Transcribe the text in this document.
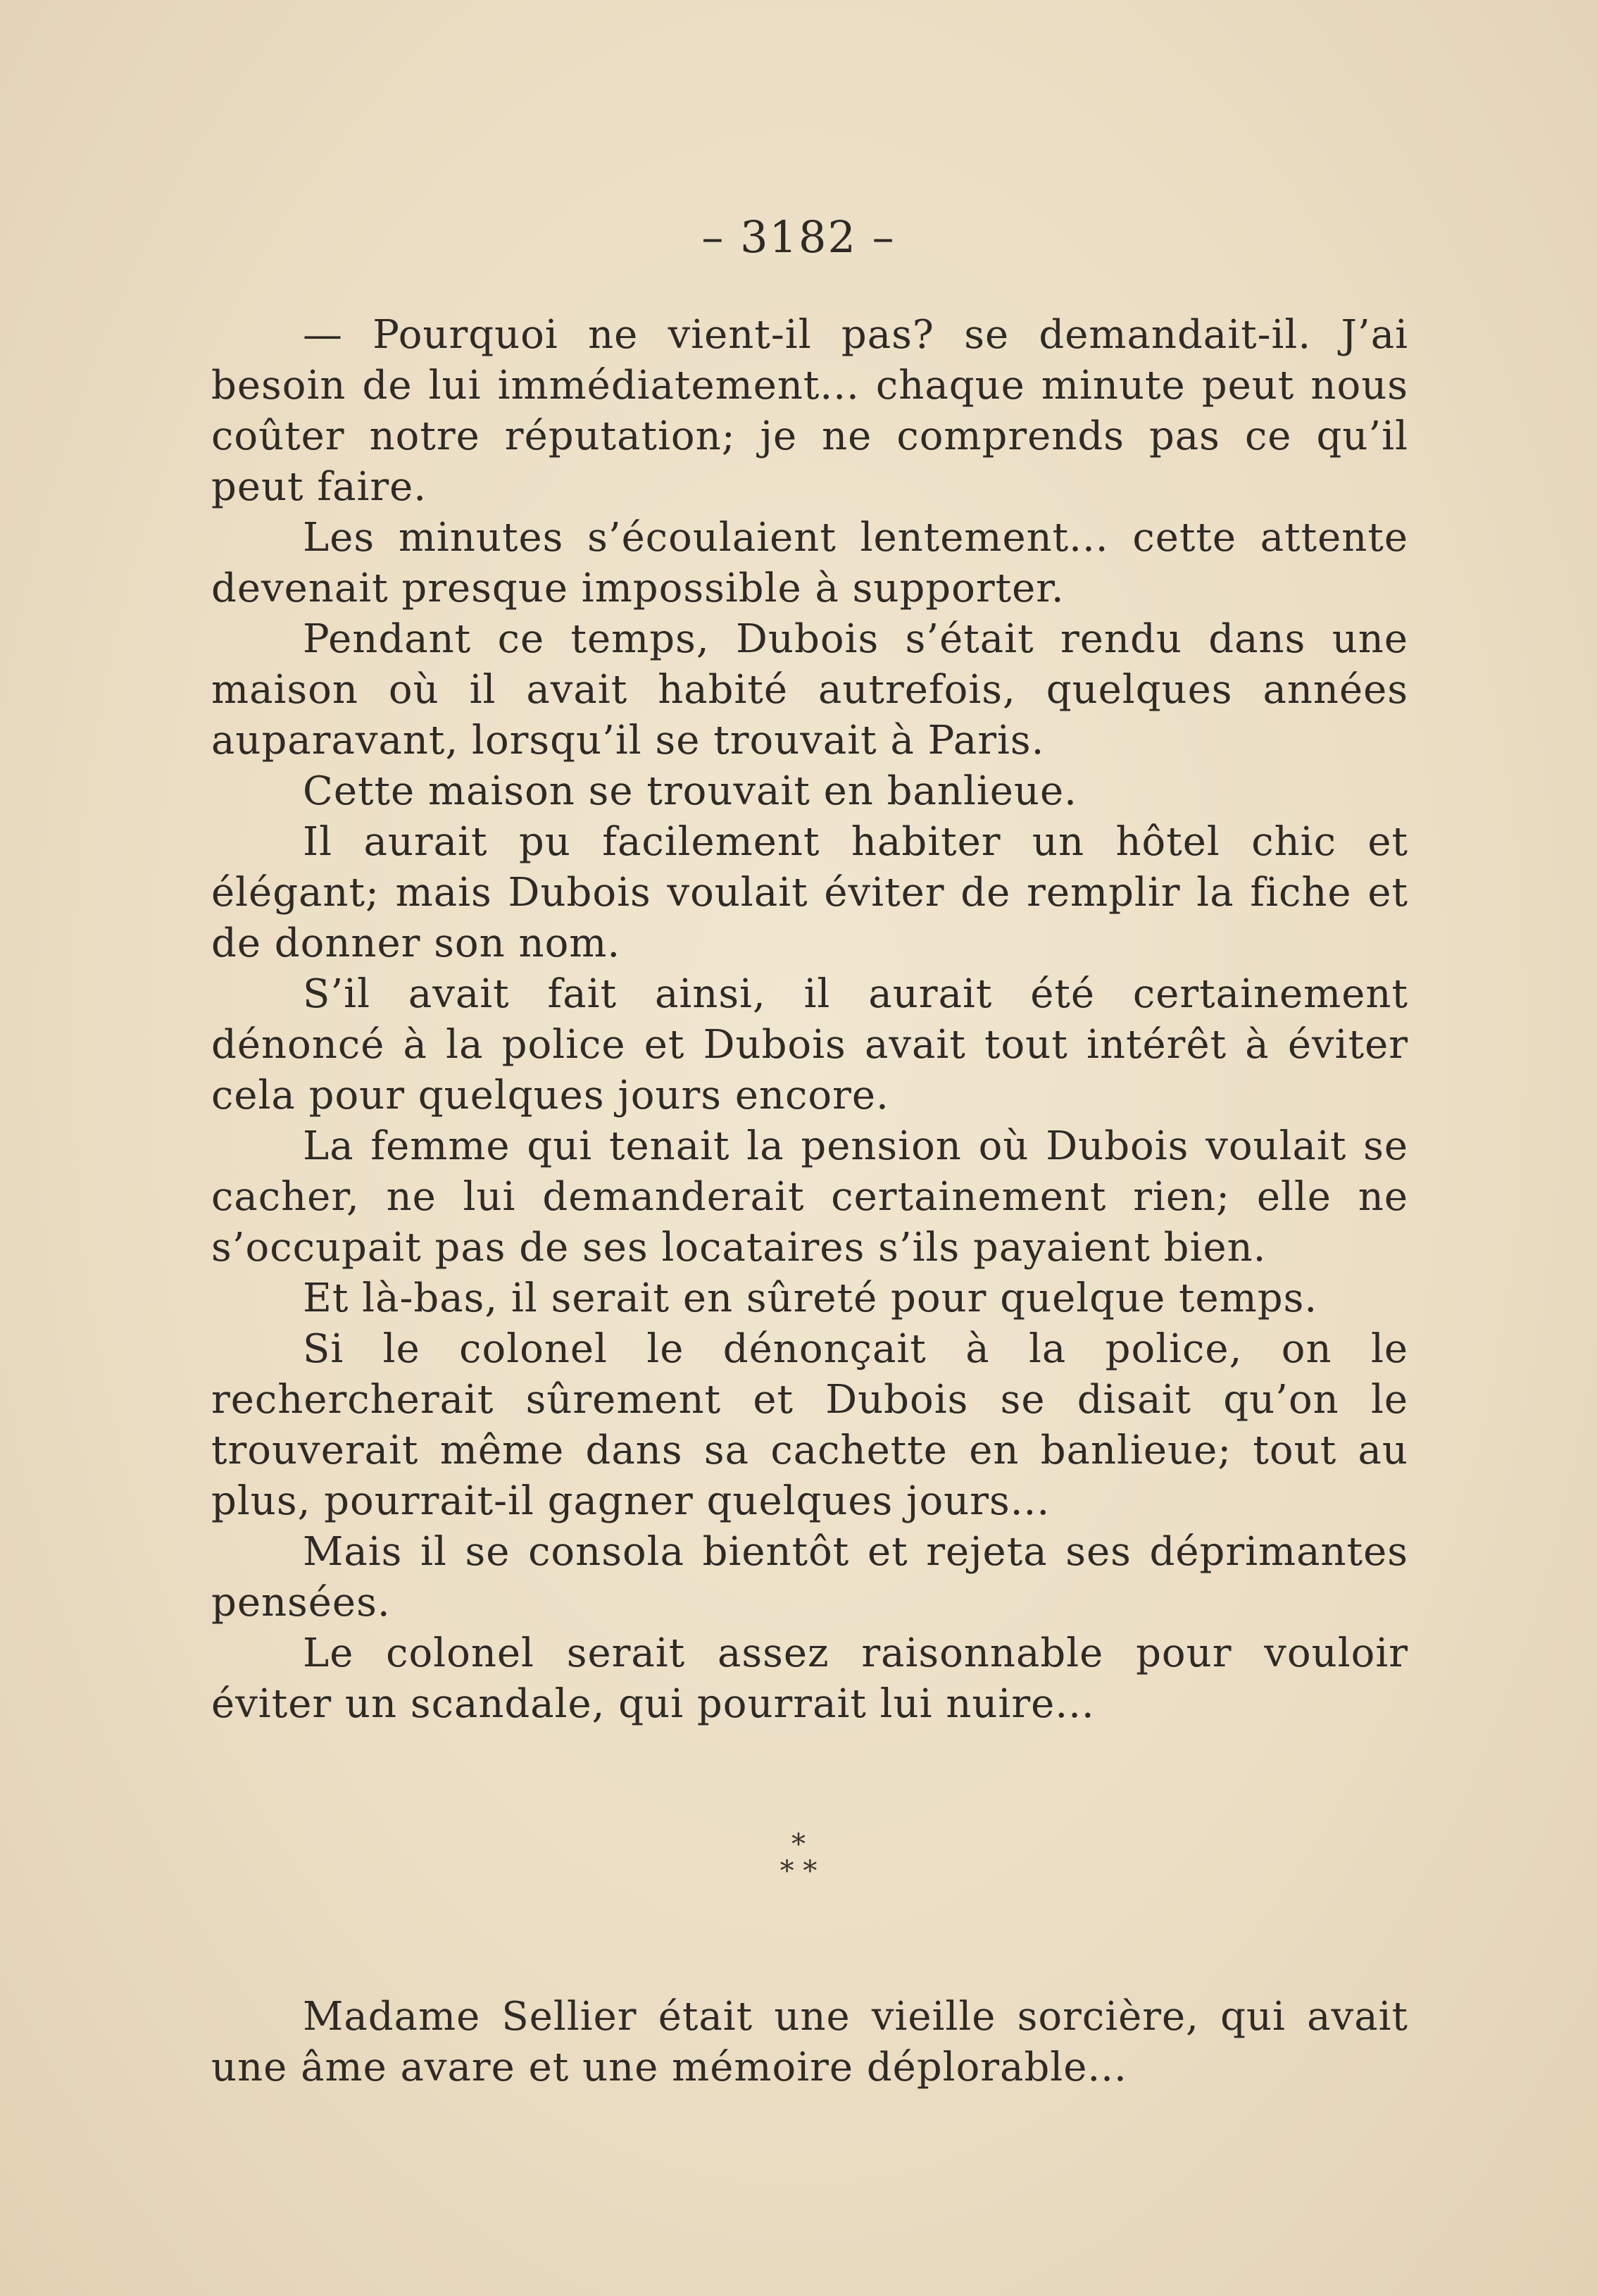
– 3182 –

— Pourquoi ne vient-il pas? se demandait-il. J’ai besoin de lui immédiatement... chaque minute peut nous coûter notre réputation; je ne comprends pas ce qu’il peut faire.

Les minutes s’écoulaient lentement... cette attente devenait presque impossible à supporter.

Pendant ce temps, Dubois s’était rendu dans une maison où il avait habité autrefois, quelques années auparavant, lorsqu’il se trouvait à Paris.

Cette maison se trouvait en banlieue.

Il aurait pu facilement habiter un hôtel chic et élégant; mais Dubois voulait éviter de remplir la fiche et de donner son nom.

S’il avait fait ainsi, il aurait été certainement dénoncé à la police et Dubois avait tout intérêt à éviter cela pour quelques jours encore.

La femme qui tenait la pension où Dubois voulait se cacher, ne lui demanderait certainement rien; elle ne s’occupait pas de ses locataires s’ils payaient bien.

Et là-bas, il serait en sûreté pour quelque temps.

Si le colonel le dénonçait à la police, on le rechercherait sûrement et Dubois se disait qu’on le trouverait même dans sa cachette en banlieue; tout au plus, pourrait-il gagner quelques jours...

Mais il se consola bientôt et rejeta ses déprimantes pensées.

Le colonel serait assez raisonnable pour vouloir éviter un scandale, qui pourrait lui nuire...

*
* *

Madame Sellier était une vieille sorcière, qui avait une âme avare et une mémoire déplorable...
